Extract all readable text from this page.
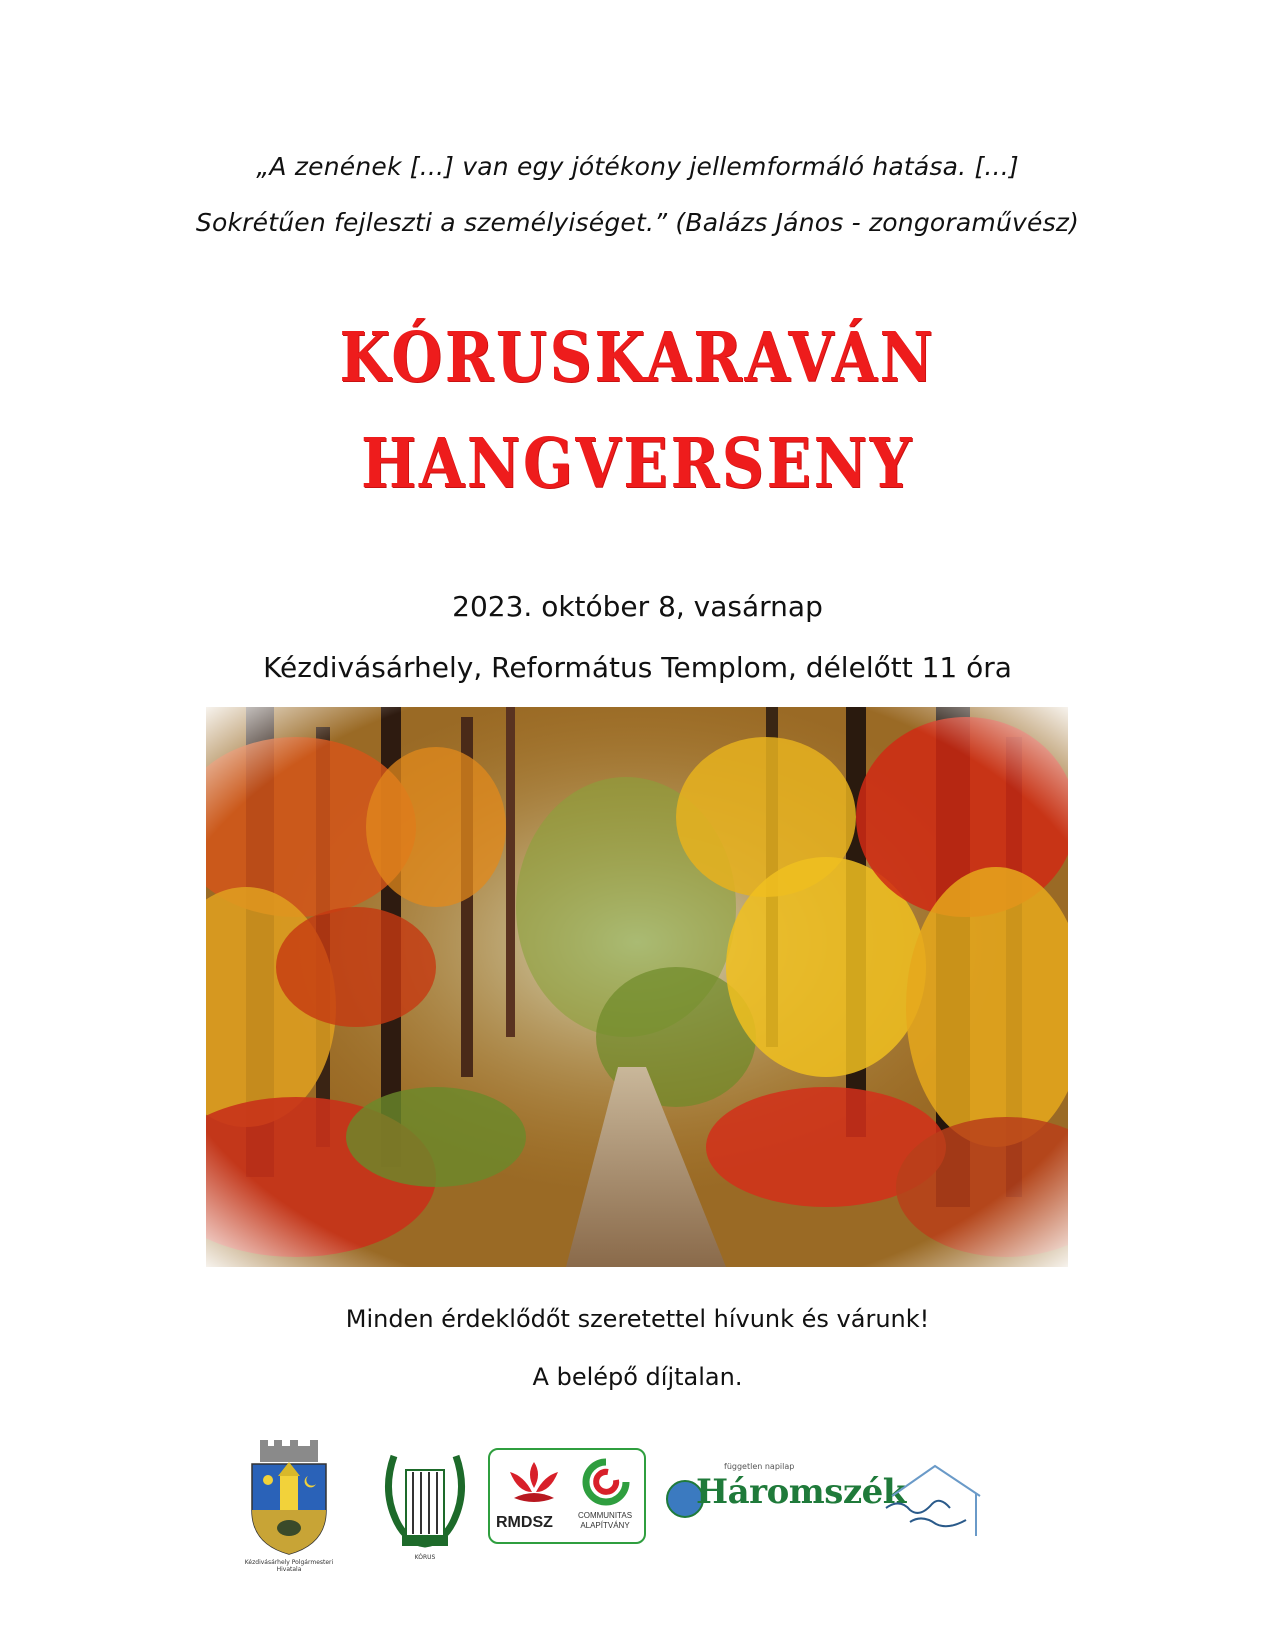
„A zenének [...] van egy jótékony jellemformáló hatása. [...]
Sokrétűen fejleszti a személyiséget.” (Balázs János - zongoraművész)
KÓRUSKARAVÁN
HANGVERSENY
2023. október 8, vasárnap
Kézdivásárhely, Református Templom, délelőtt 11 óra
Minden érdeklődőt szeretettel hívunk és várunk!
A belépő díjtalan.
Kézdivásárhely Polgármesteri Hivatala
KÓRUS
RMDSZ	COMMUNITAS ALAPÍTVÁNY
független napilap
Háromszék
